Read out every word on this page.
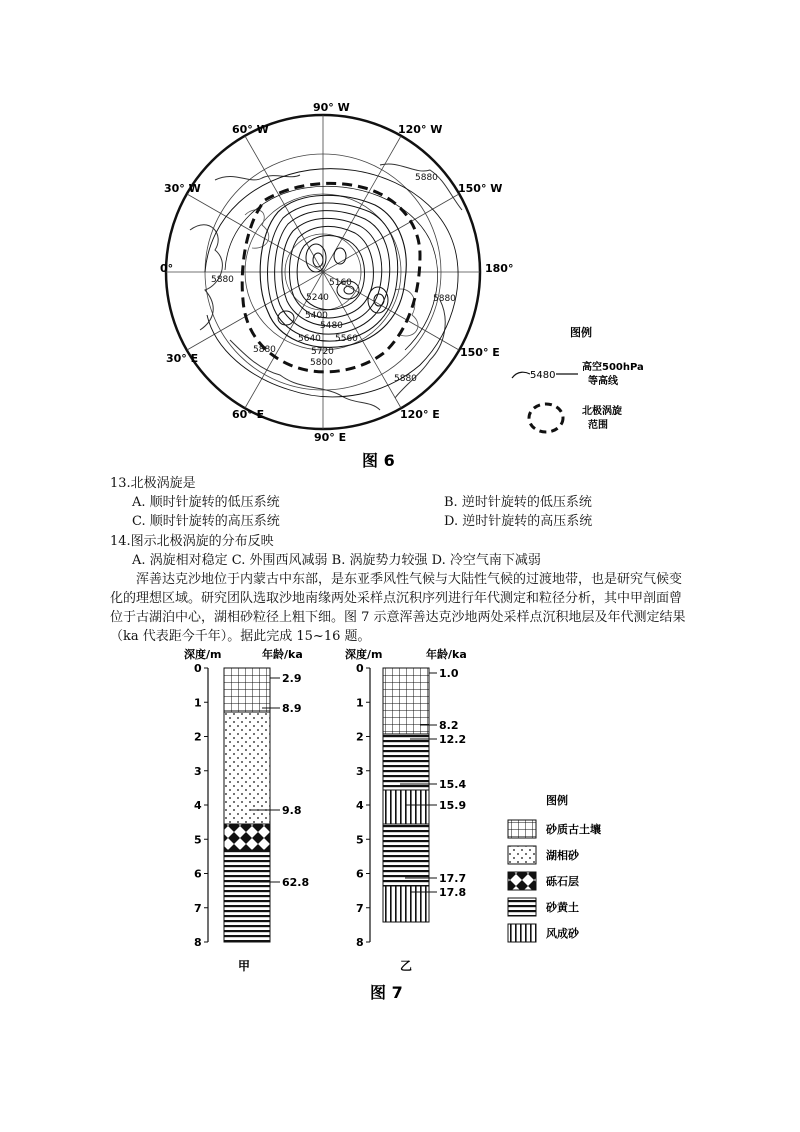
90° W
60° W	120° W
30° W	150° W
0°	180°
30° E	150° E
60° E	120° E
90° E
5880
5880
5880
5880
5880
5160
5240
5400
5480
5560
5640
5720
5800
图例
5480
高空500hPa
等高线
北极涡旋
范围
图 6
13.北极涡旋是
A. 顺时针旋转的低压系统	B. 逆时针旋转的低压系统
C. 顺时针旋转的高压系统	D. 逆时针旋转的高压系统
14.图示北极涡旋的分布反映
A. 涡旋相对稳定 C. 外围西风减弱 B. 涡旋势力较强 D. 冷空气南下减弱
浑善达克沙地位于内蒙古中东部，是东亚季风性气候与大陆性气候的过渡地带，也是研究气候变化的理想区域。研究团队选取沙地南缘两处采样点沉积序列进行年代测定和粒径分析，其中甲剖面曾位于古湖泊中心，湖相砂粒径上粗下细。图 7 示意浑善达克沙地两处采样点沉积地层及年代测定结果（ka 代表距今千年）。据此完成 15~16 题。
深度/m	年龄/ka
0
1
2
3
4
5
6
7
8
2.9
8.9
9.8
62.8
甲
深度/m	年龄/ka
0
1
2
3
4
5
6
7
8
1.0
8.2
12.2
15.4
15.9
17.7
17.8
乙
图例
砂质古土壤
湖相砂
砾石层
砂黄土
风成砂
图 7
